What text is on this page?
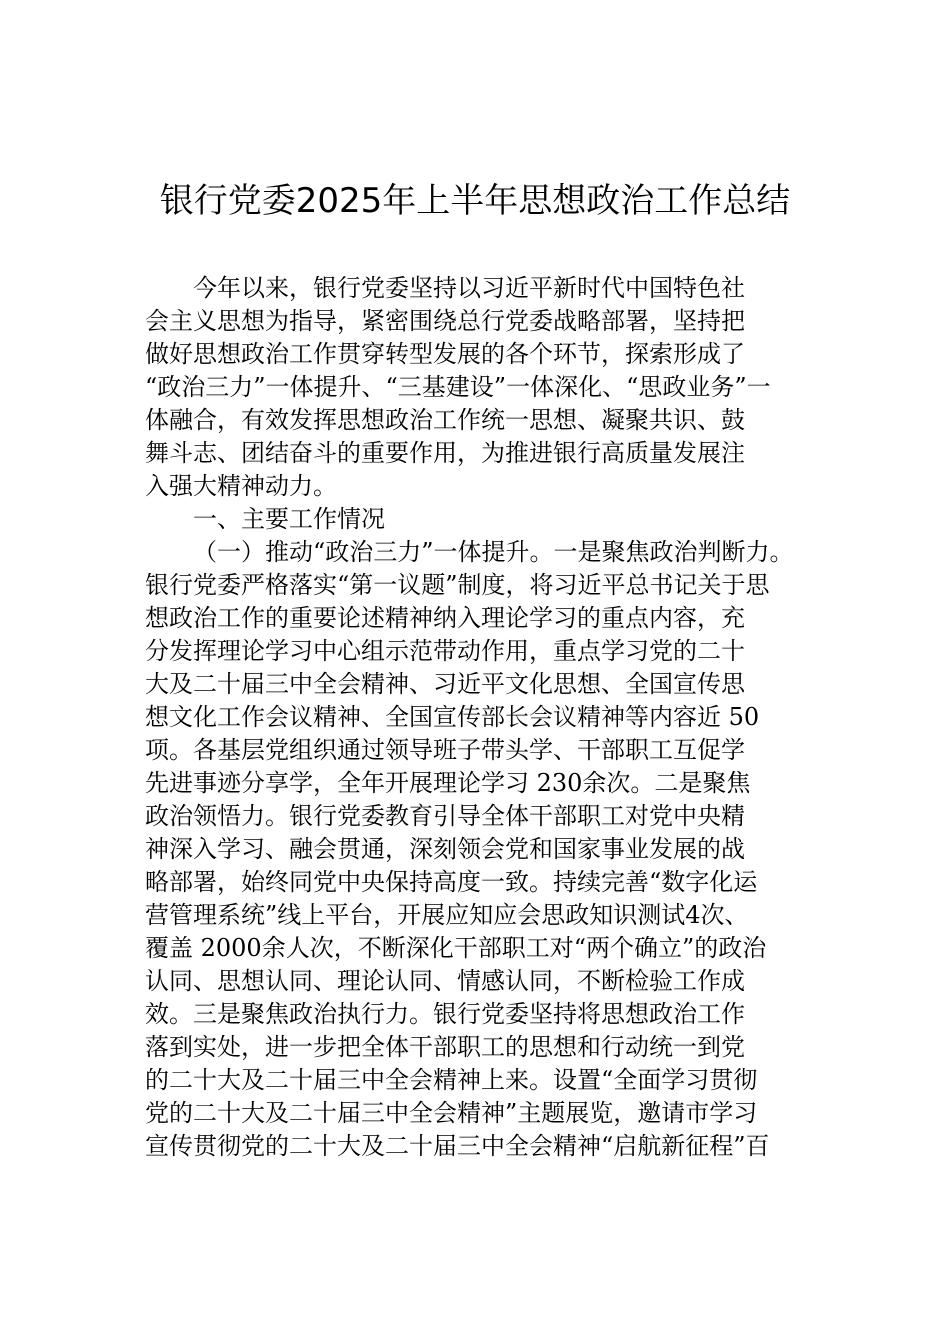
银行党委2025年上半年思想政治工作总结
今年以来，银行党委坚持以习近平新时代中国特色社
会主义思想为指导，紧密围绕总行党委战略部署，坚持把
做好思想政治工作贯穿转型发展的各个环节，探索形成了
“政治三力”一体提升、“三基建设”一体深化、“思政业务”一
体融合，有效发挥思想政治工作统一思想、凝聚共识、鼓
舞斗志、团结奋斗的重要作用，为推进银行高质量发展注
入强大精神动力。
一、主要工作情况
（一）推动“政治三力”一体提升。一是聚焦政治判断力。
银行党委严格落实“第一议题”制度，将习近平总书记关于思
想政治工作的重要论述精神纳入理论学习的重点内容，充
分发挥理论学习中心组示范带动作用，重点学习党的二十
大及二十届三中全会精神、习近平文化思想、全国宣传思
想文化工作会议精神、全国宣传部长会议精神等内容近 50
项。各基层党组织通过领导班子带头学、干部职工互促学
先进事迹分享学，全年开展理论学习 230余次。二是聚焦
政治领悟力。银行党委教育引导全体干部职工对党中央精
神深入学习、融会贯通，深刻领会党和国家事业发展的战
略部署，始终同党中央保持高度一致。持续完善“数字化运
营管理系统”线上平台，开展应知应会思政知识测试4次、
覆盖 2000余人次，不断深化干部职工对“两个确立”的政治
认同、思想认同、理论认同、情感认同，不断检验工作成
效。三是聚焦政治执行力。银行党委坚持将思想政治工作
落到实处，进一步把全体干部职工的思想和行动统一到党
的二十大及二十届三中全会精神上来。设置“全面学习贯彻
党的二十大及二十届三中全会精神”主题展览，邀请市学习
宣传贯彻党的二十大及二十届三中全会精神“启航新征程”百
